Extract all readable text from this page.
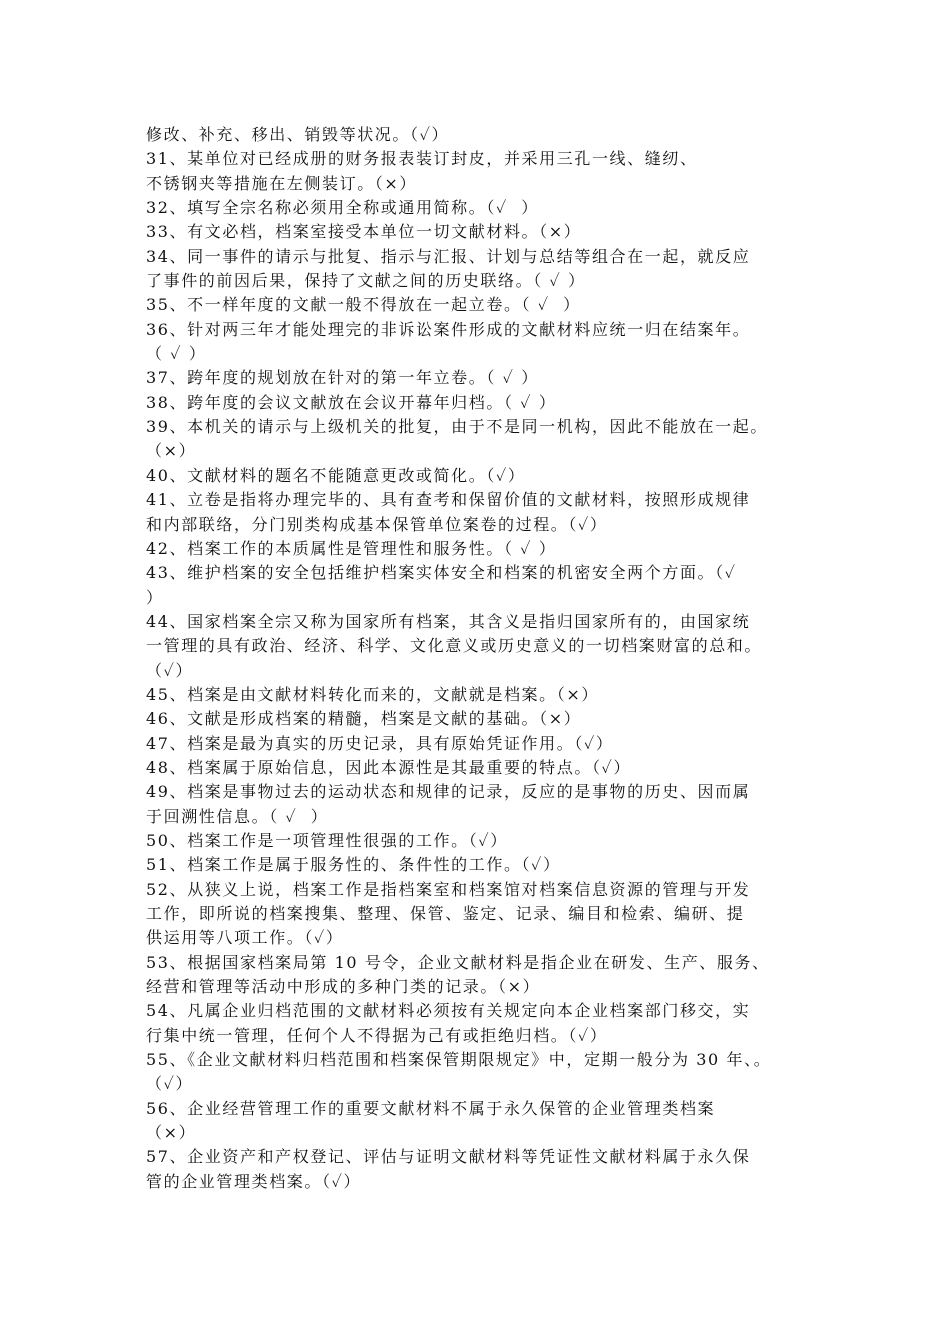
修改、补充、移出、销毁等状况。（✓）
31、某单位对已经成册的财务报表装订封皮，并采用三孔一线、缝纫、
不锈钢夹等措施在左侧装订。（×）
32、填写全宗名称必须用全称或通用简称。（✓  ）
33、有文必档，档案室接受本单位一切文献材料。（×）
34、同一事件的请示与批复、指示与汇报、计划与总结等组合在一起，就反应
了事件的前因后果，保持了文献之间的历史联络。（ ✓ ）
35、不一样年度的文献一般不得放在一起立卷。（ ✓  ）
36、针对两三年才能处理完的非诉讼案件形成的文献材料应统一归在结案年。
（ ✓ ）
37、跨年度的规划放在针对的第一年立卷。（ ✓ ）
38、跨年度的会议文献放在会议开幕年归档。（ ✓ ）
39、本机关的请示与上级机关的批复，由于不是同一机构，因此不能放在一起。
（×）
40、文献材料的题名不能随意更改或简化。（✓）
41、立卷是指将办理完毕的、具有查考和保留价值的文献材料，按照形成规律
和内部联络，分门别类构成基本保管单位案卷的过程。（✓）
42、档案工作的本质属性是管理性和服务性。（ ✓ ）
43、维护档案的安全包括维护档案实体安全和档案的机密安全两个方面。（✓
）
44、国家档案全宗又称为国家所有档案，其含义是指归国家所有的，由国家统
一管理的具有政治、经济、科学、文化意义或历史意义的一切档案财富的总和。
（✓）
45、档案是由文献材料转化而来的，文献就是档案。（×）
46、文献是形成档案的精髓，档案是文献的基础。（×）
47、档案是最为真实的历史记录，具有原始凭证作用。（✓）
48、档案属于原始信息，因此本源性是其最重要的特点。（✓）
49、档案是事物过去的运动状态和规律的记录，反应的是事物的历史、因而属
于回溯性信息。（ ✓  ）
50、档案工作是一项管理性很强的工作。（✓）
51、档案工作是属于服务性的、条件性的工作。（✓）
52、从狭义上说，档案工作是指档案室和档案馆对档案信息资源的管理与开发
工作，即所说的档案搜集、整理、保管、鉴定、记录、编目和检索、编研、提
供运用等八项工作。（✓）
53、根据国家档案局第 10 号令，企业文献材料是指企业在研发、生产、服务、
经营和管理等活动中形成的多种门类的记录。（×）
54、凡属企业归档范围的文献材料必须按有关规定向本企业档案部门移交，实
行集中统一管理，任何个人不得据为己有或拒绝归档。（✓）
55、《企业文献材料归档范围和档案保管期限规定》中，定期一般分为 30 年、。
（✓）
56、企业经营管理工作的重要文献材料不属于永久保管的企业管理类档案
（×）
57、企业资产和产权登记、评估与证明文献材料等凭证性文献材料属于永久保
管的企业管理类档案。（✓）
